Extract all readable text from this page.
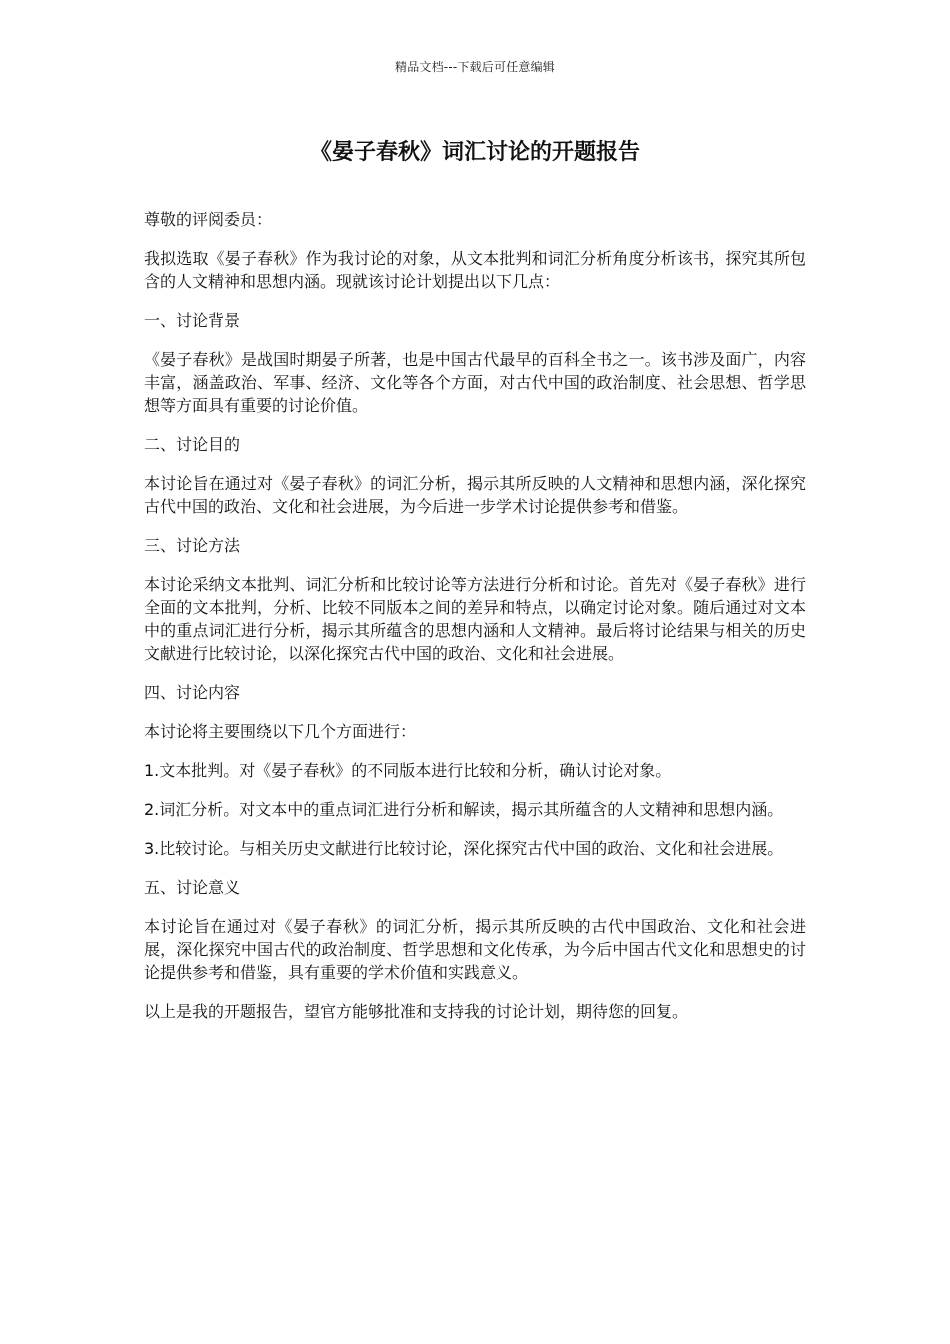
精品文档---下载后可任意编辑
《晏子春秋》词汇讨论的开题报告

尊敬的评阅委员：

我拟选取《晏子春秋》作为我讨论的对象，从文本批判和词汇分析角度分析该书，探究其所包含的人文精神和思想内涵。现就该讨论计划提出以下几点：

一、讨论背景

《晏子春秋》是战国时期晏子所著，也是中国古代最早的百科全书之一。该书涉及面广，内容丰富，涵盖政治、军事、经济、文化等各个方面，对古代中国的政治制度、社会思想、哲学思想等方面具有重要的讨论价值。

二、讨论目的

本讨论旨在通过对《晏子春秋》的词汇分析，揭示其所反映的人文精神和思想内涵，深化探究古代中国的政治、文化和社会进展，为今后进一步学术讨论提供参考和借鉴。

三、讨论方法

本讨论采纳文本批判、词汇分析和比较讨论等方法进行分析和讨论。首先对《晏子春秋》进行全面的文本批判，分析、比较不同版本之间的差异和特点，以确定讨论对象。随后通过对文本中的重点词汇进行分析，揭示其所蕴含的思想内涵和人文精神。最后将讨论结果与相关的历史文献进行比较讨论，以深化探究古代中国的政治、文化和社会进展。

四、讨论内容

本讨论将主要围绕以下几个方面进行：

1.文本批判。对《晏子春秋》的不同版本进行比较和分析，确认讨论对象。

2.词汇分析。对文本中的重点词汇进行分析和解读，揭示其所蕴含的人文精神和思想内涵。

3.比较讨论。与相关历史文献进行比较讨论，深化探究古代中国的政治、文化和社会进展。

五、讨论意义

本讨论旨在通过对《晏子春秋》的词汇分析，揭示其所反映的古代中国政治、文化和社会进展，深化探究中国古代的政治制度、哲学思想和文化传承，为今后中国古代文化和思想史的讨论提供参考和借鉴，具有重要的学术价值和实践意义。

以上是我的开题报告，望官方能够批准和支持我的讨论计划，期待您的回复。
